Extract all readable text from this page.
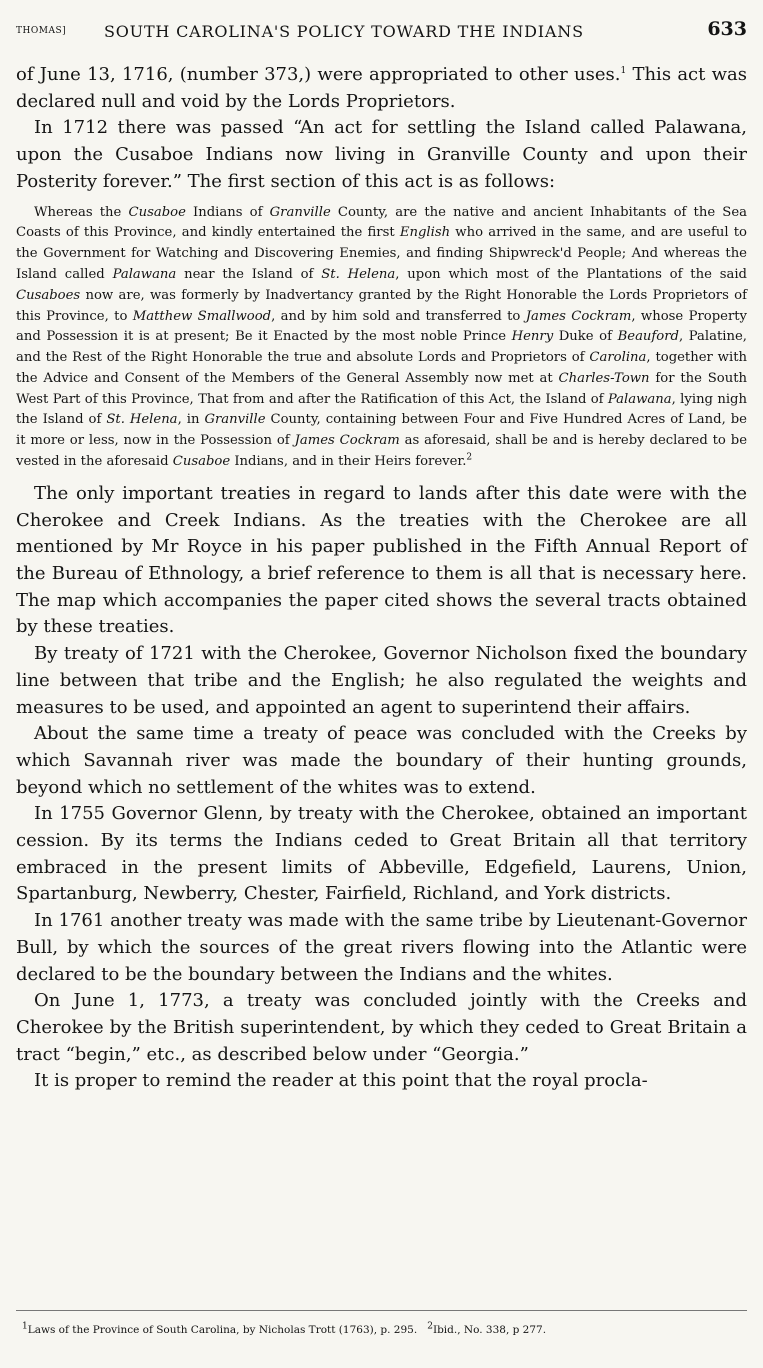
THOMAS] SOUTH CAROLINA'S POLICY TOWARD THE INDIANS	633

of June 13, 1716, (number 373,) were appropriated to other uses.$^1$ This act was declared null and void by the Lords Proprietors.

In 1712 there was passed “An act for settling the Island called Palawana, upon the Cusaboe Indians now living in Granville County and upon their Posterity forever.” The first section of this act is as follows:

Whereas the Cusaboe Indians of Granville County, are the native and ancient Inhabitants of the Sea Coasts of this Province, and kindly entertained the first English who arrived in the same, and are useful to the Government for Watching and Discovering Enemies, and finding Shipwreck'd People; And whereas the Island called Palawana near the Island of St. Helena, upon which most of the Plantations of the said Cusaboes now are, was formerly by Inadvertancy granted by the Right Honorable the Lords Proprietors of this Province, to Matthew Smallwood, and by him sold and transferred to James Cockram, whose Property and Possession it is at present; Be it Enacted by the most noble Prince Henry Duke of Beauford, Palatine, and the Rest of the Right Honorable the true and absolute Lords and Proprietors of Carolina, together with the Advice and Consent of the Members of the General Assembly now met at Charles-Town for the South West Part of this Province, That from and after the Ratification of this Act, the Island of Palawana, lying nigh the Island of St. Helena, in Granville County, containing between Four and Five Hundred Acres of Land, be it more or less, now in the Possession of James Cockram as aforesaid, shall be and is hereby declared to be vested in the aforesaid Cusaboe Indians, and in their Heirs forever.$^2$

The only important treaties in regard to lands after this date were with the Cherokee and Creek Indians. As the treaties with the Cherokee are all mentioned by Mr Royce in his paper published in the Fifth Annual Report of the Bureau of Ethnology, a brief reference to them is all that is necessary here. The map which accompanies the paper cited shows the several tracts obtained by these treaties.

By treaty of 1721 with the Cherokee, Governor Nicholson fixed the boundary line between that tribe and the English; he also regulated the weights and measures to be used, and appointed an agent to superintend their affairs.

About the same time a treaty of peace was concluded with the Creeks by which Savannah river was made the boundary of their hunting grounds, beyond which no settlement of the whites was to extend.

In 1755 Governor Glenn, by treaty with the Cherokee, obtained an important cession. By its terms the Indians ceded to Great Britain all that territory embraced in the present limits of Abbeville, Edgefield, Laurens, Union, Spartanburg, Newberry, Chester, Fairfield, Richland, and York districts.

In 1761 another treaty was made with the same tribe by Lieutenant-Governor Bull, by which the sources of the great rivers flowing into the Atlantic were declared to be the boundary between the Indians and the whites.

On June 1, 1773, a treaty was concluded jointly with the Creeks and Cherokee by the British superintendent, by which they ceded to Great Britain a tract “begin,” etc., as described below under “Georgia.”

It is proper to remind the reader at this point that the royal procla-

$^1$Laws of the Province of South Carolina, by Nicholas Trott (1763), p. 295. $^2$Ibid., No. 338, p 277.
